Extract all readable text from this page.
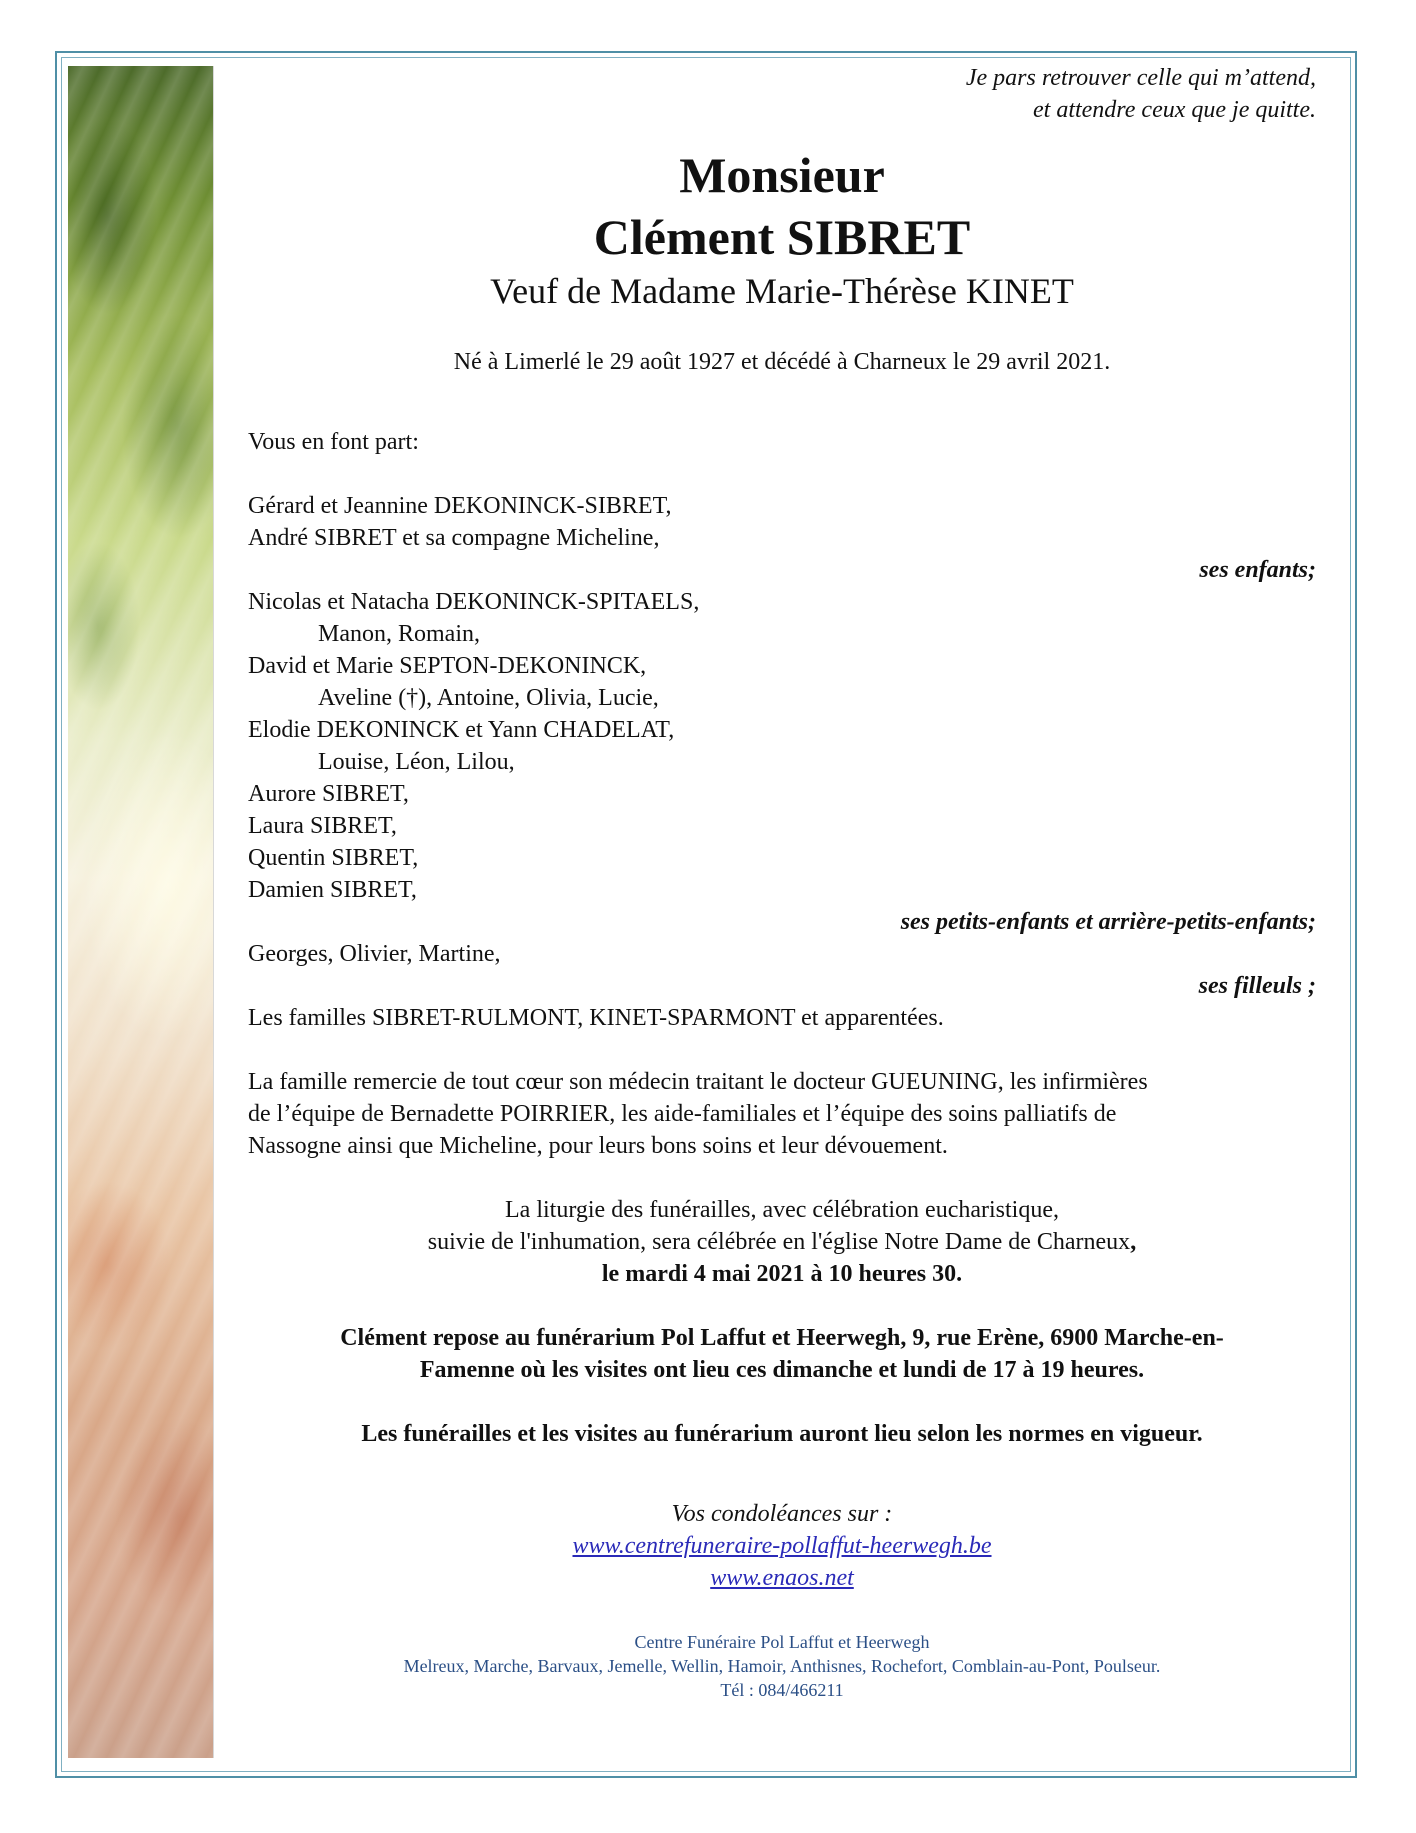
Je pars retrouver celle qui m’attend,
et attendre ceux que je quitte.
Monsieur
Clément SIBRET
Veuf de Madame Marie-Thérèse KINET
Né à Limerlé le 29 août 1927 et décédé à Charneux le 29 avril 2021.

Vous en font part:

Gérard et Jeannine DEKONINCK-SIBRET,
André SIBRET et sa compagne Micheline,
ses enfants;
Nicolas et Natacha DEKONINCK-SPITAELS,
Manon, Romain,
David et Marie SEPTON-DEKONINCK,
Aveline (†), Antoine, Olivia, Lucie,
Elodie DEKONINCK et Yann CHADELAT,
Louise, Léon, Lilou,
Aurore SIBRET,
Laura SIBRET,
Quentin SIBRET,
Damien SIBRET,
ses petits-enfants et arrière-petits-enfants;
Georges, Olivier, Martine,
ses filleuls ;
Les familles SIBRET-RULMONT, KINET-SPARMONT et apparentées.
La famille remercie de tout cœur son médecin traitant le docteur GUEUNING, les infirmières
de l’équipe de Bernadette POIRRIER, les aide-familiales et l’équipe des soins palliatifs de
Nassogne ainsi que Micheline, pour leurs bons soins et leur dévouement.
La liturgie des funérailles, avec célébration eucharistique,
suivie de l'inhumation, sera célébrée en l'église Notre Dame de Charneux,
le mardi 4 mai 2021 à 10 heures 30.
Clément repose au funérarium Pol Laffut et Heerwegh, 9, rue Erène, 6900 Marche-en-
Famenne où les visites ont lieu ces dimanche et lundi de 17 à 19 heures.
Les funérailles et les visites au funérarium auront lieu selon les normes en vigueur.
Vos condoléances sur :
www.centrefuneraire-pollaffut-heerwegh.be
www.enaos.net
Centre Funéraire Pol Laffut et Heerwegh
Melreux, Marche, Barvaux, Jemelle, Wellin, Hamoir, Anthisnes, Rochefort, Comblain-au-Pont, Poulseur.
Tél : 084/466211
